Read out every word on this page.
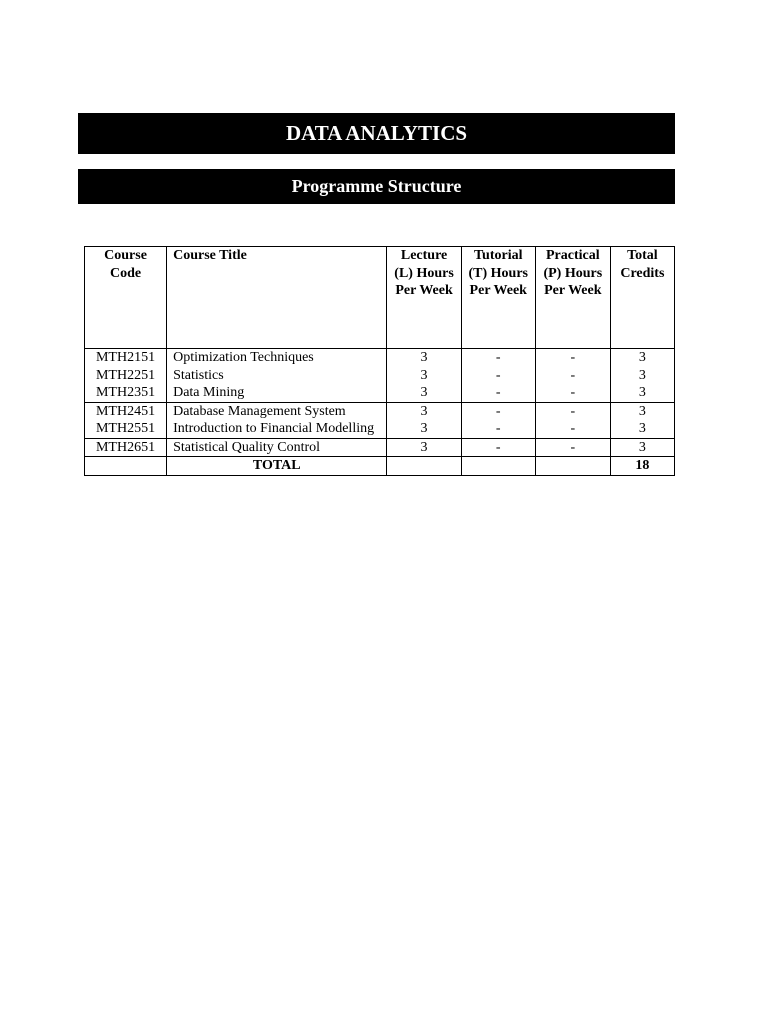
DATA ANALYTICS
Programme Structure
Course Code	Course Title	Lecture (L) Hours Per Week	Tutorial (T) Hours Per Week	Practical (P) Hours Per Week	Total Credits
MTH2151	Optimization Techniques	3	-	-	3
MTH2251	Statistics	3	-	-	3
MTH2351	Data Mining	3	-	-	3
MTH2451	Database Management System	3	-	-	3
MTH2551	Introduction to Financial Modelling	3	-	-	3
MTH2651	Statistical Quality Control	3	-	-	3
	TOTAL				18
